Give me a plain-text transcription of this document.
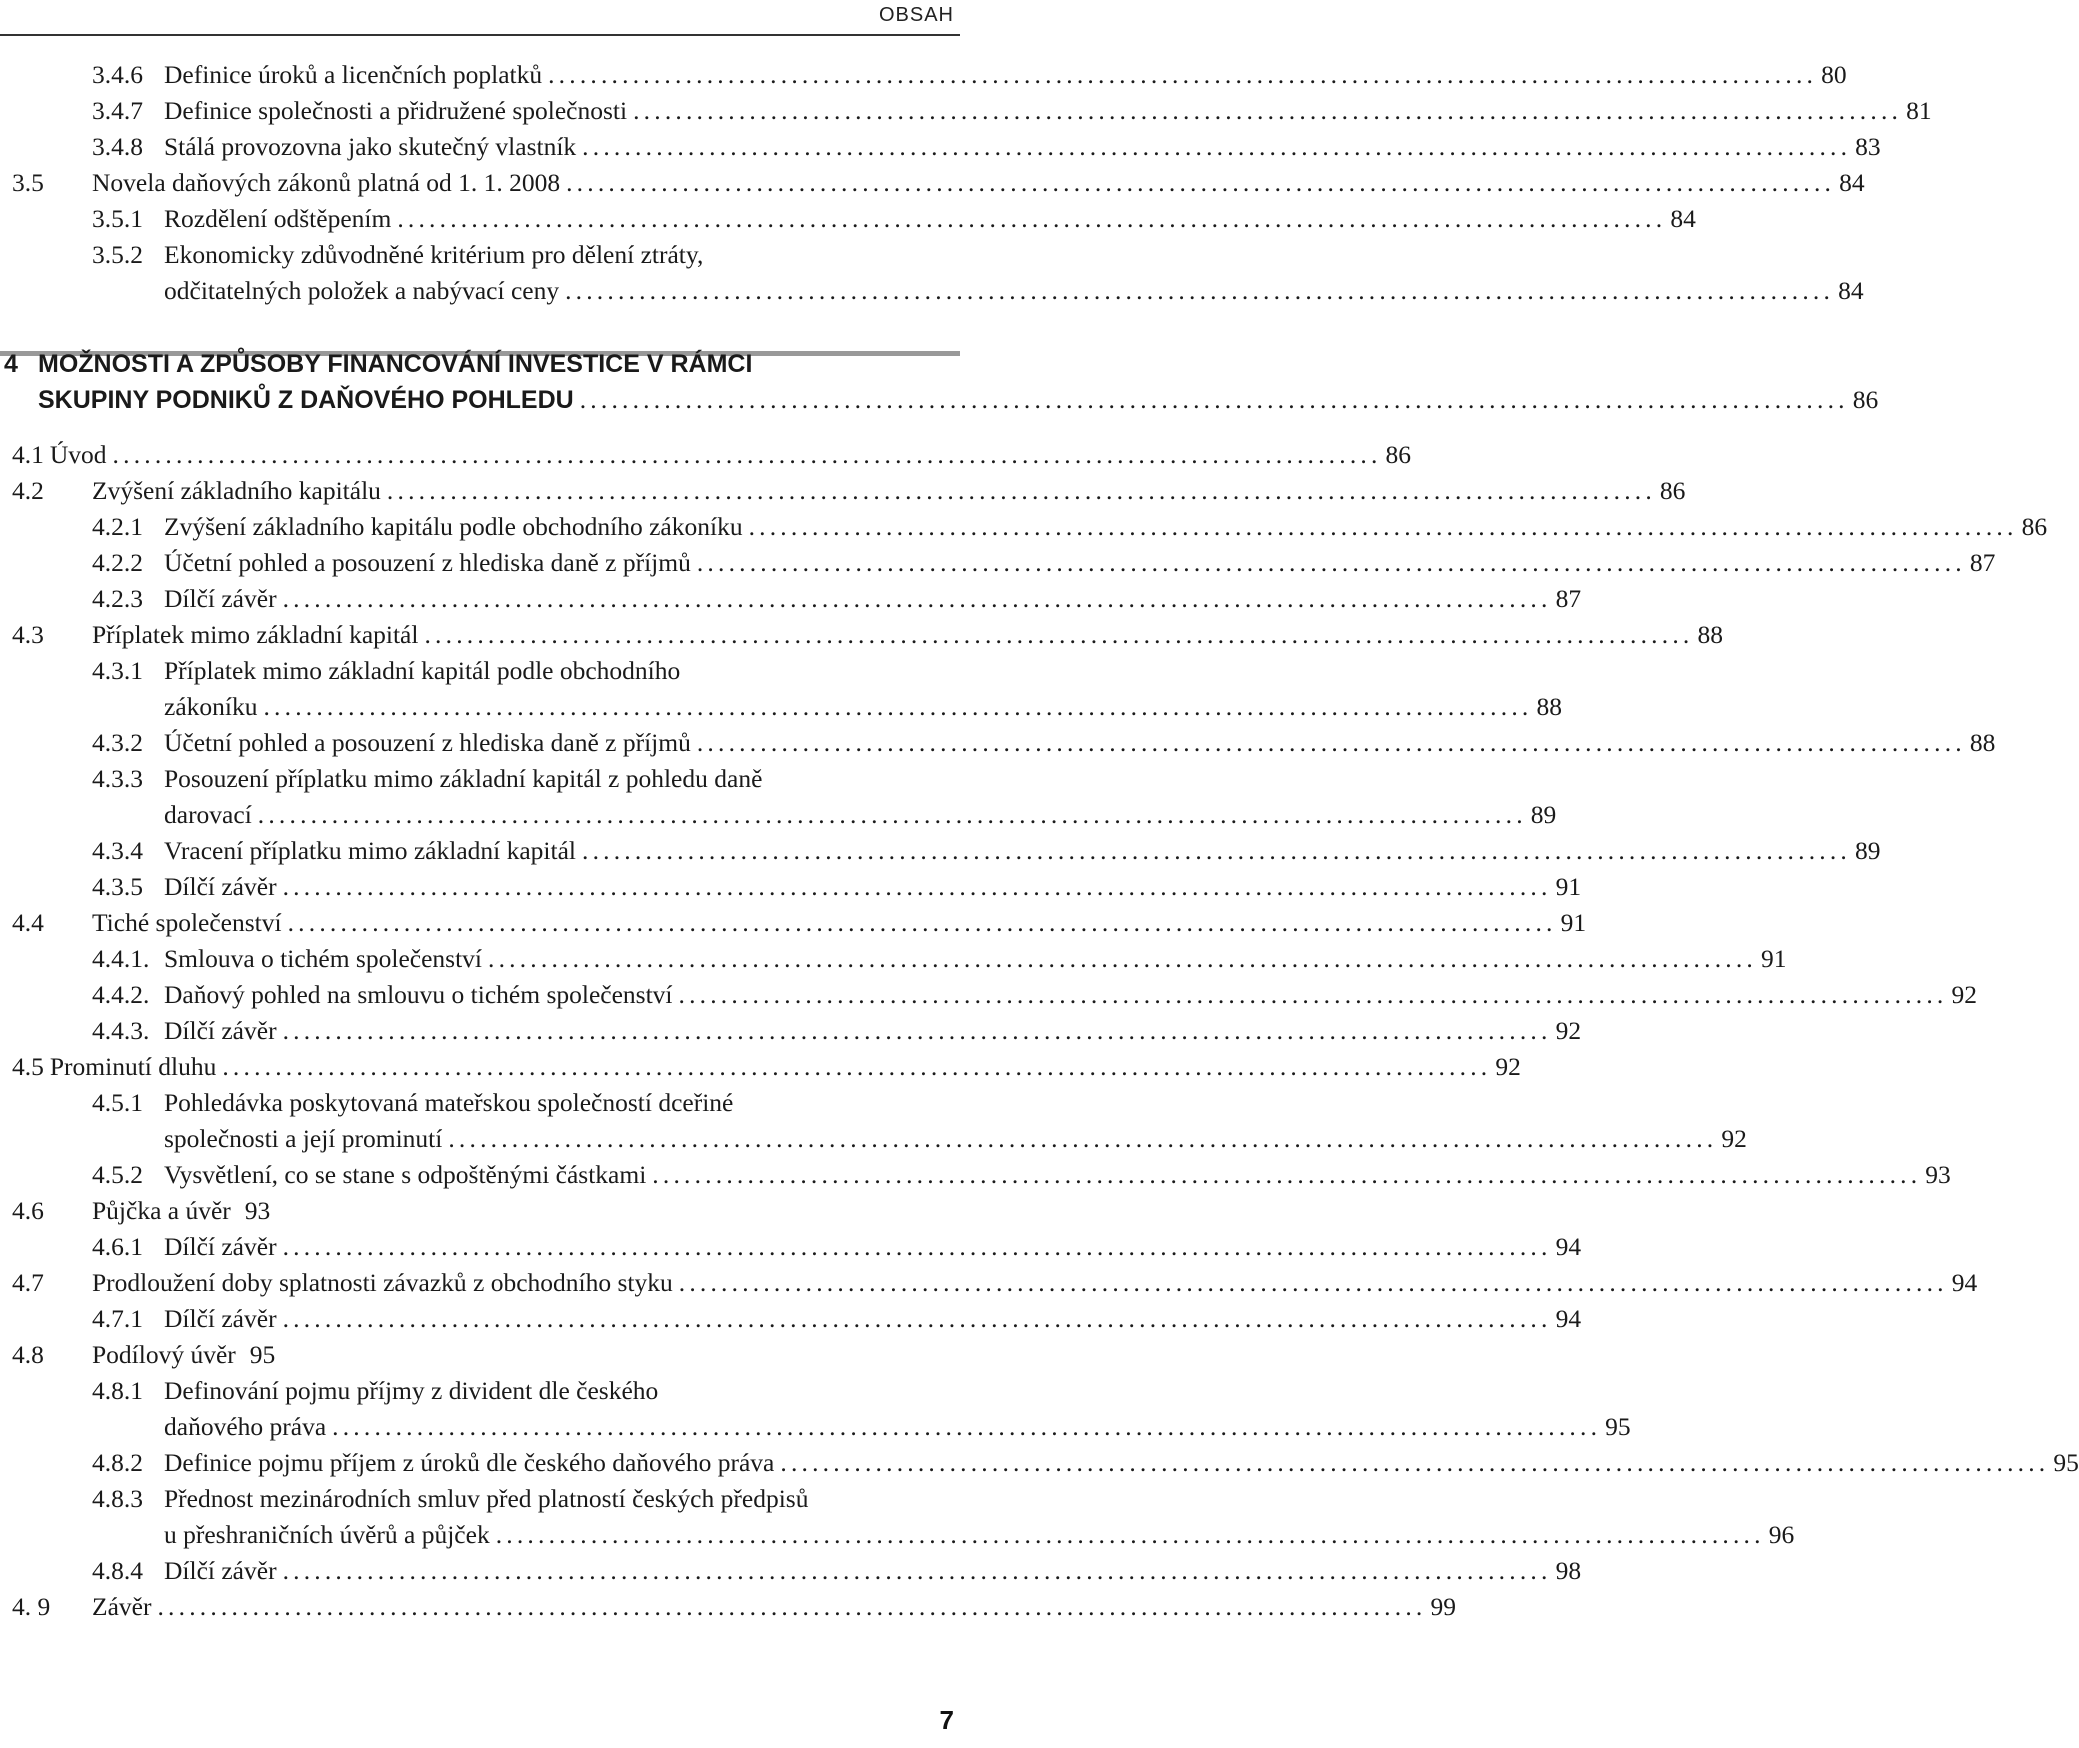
OBSAH
3.4.6 Definice úroků a licenčních poplatků ........................................................................................................................ 80
3.4.7 Definice společnosti a přidružené společnosti ........................................................................................................................ 81
3.4.8 Stálá provozovna jako skutečný vlastník ........................................................................................................................ 83
3.5 Novela daňových zákonů platná od 1. 1. 2008 ........................................................................................................................ 84
3.5.1 Rozdělení odštěpením ........................................................................................................................ 84
3.5.2 Ekonomicky zdůvodněné kritérium pro dělení ztráty,
odčitatelných položek a nabývací ceny ........................................................................................................................ 84
4 MOŽNOSTI A ZPŮSOBY FINANCOVÁNÍ INVESTICE V RÁMCI
SKUPINY PODNIKŮ Z DAŇOVÉHO POHLEDU ........................................................................................................................ 86
4.1 Úvod ........................................................................................................................ 86
4.2 Zvýšení základního kapitálu ........................................................................................................................ 86
4.2.1 Zvýšení základního kapitálu podle obchodního zákoníku ........................................................................................................................ 86
4.2.2 Účetní pohled a posouzení z hlediska daně z příjmů ........................................................................................................................ 87
4.2.3 Dílčí závěr ........................................................................................................................ 87
4.3 Příplatek mimo základní kapitál ........................................................................................................................ 88
4.3.1 Příplatek mimo základní kapitál podle obchodního
zákoníku ........................................................................................................................ 88
4.3.2 Účetní pohled a posouzení z hlediska daně z příjmů ........................................................................................................................ 88
4.3.3 Posouzení příplatku mimo základní kapitál z pohledu daně
darovací ........................................................................................................................ 89
4.3.4 Vracení příplatku mimo základní kapitál ........................................................................................................................ 89
4.3.5 Dílčí závěr ........................................................................................................................ 91
4.4 Tiché společenství ........................................................................................................................ 91
4.4.1. Smlouva o tichém společenství ........................................................................................................................ 91
4.4.2. Daňový pohled na smlouvu o tichém společenství ........................................................................................................................ 92
4.4.3. Dílčí závěr ........................................................................................................................ 92
4.5 Prominutí dluhu ........................................................................................................................ 92
4.5.1 Pohledávka poskytovaná mateřskou společností dceřiné
společnosti a její prominutí ........................................................................................................................ 92
4.5.2 Vysvětlení, co se stane s odpoštěnými částkami ........................................................................................................................ 93
4.6 Půjčka a úvěr 93
4.6.1 Dílčí závěr ........................................................................................................................ 94
4.7 Prodloužení doby splatnosti závazků z obchodního styku ........................................................................................................................ 94
4.7.1 Dílčí závěr ........................................................................................................................ 94
4.8 Podílový úvěr 95
4.8.1 Definování pojmu příjmy z divident dle českého
daňového práva ........................................................................................................................ 95
4.8.2 Definice pojmu příjem z úroků dle českého daňového práva ........................................................................................................................ 95
4.8.3 Přednost mezinárodních smluv před platností českých předpisů
u přeshraničních úvěrů a půjček ........................................................................................................................ 96
4.8.4 Dílčí závěr ........................................................................................................................ 98
4. 9 Závěr ........................................................................................................................ 99
7
